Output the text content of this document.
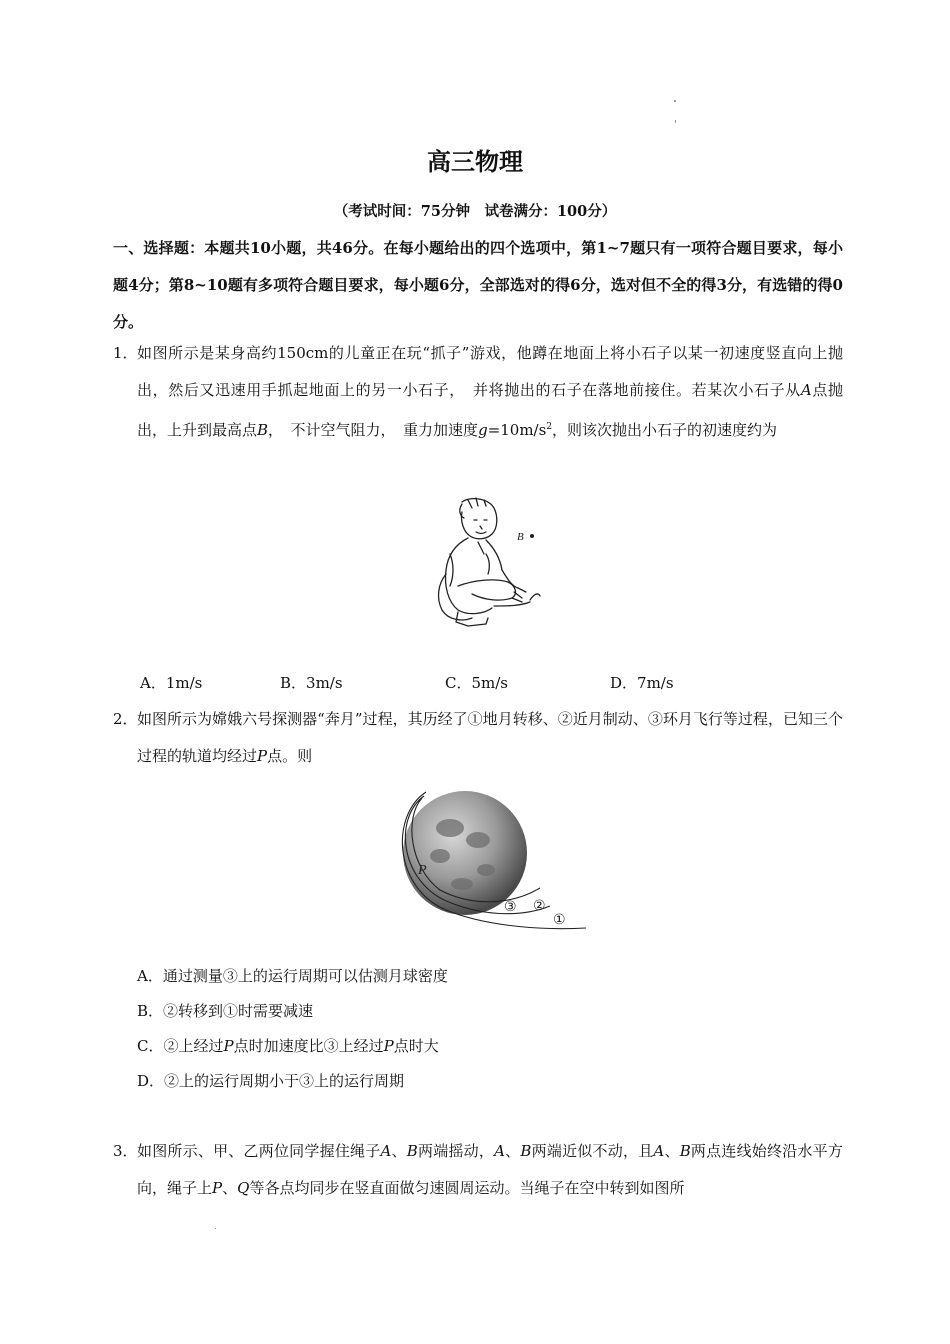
高三物理
（考试时间：75分钟　试卷满分：100分）

一、选择题：本题共10小题，共46分。在每小题给出的四个选项中，第1~7题只有一项符合题目要求，每小题4分；第8~10题有多项符合题目要求，每小题6分，全部选对的得6分，选对但不全的得3分，有选错的得0分。

1． 如图所示是某身高约150cm的儿童正在玩“抓子”游戏，他蹲在地面上将小石子以某一初速度竖直向上抛出，然后又迅速用手抓起地面上的另一小石子，　并将抛出的石子在落地前接住。若某次小石子从A点抛出，上升到最高点B，　不计空气阻力，　重力加速度$g=10m/s^2$，则该次抛出小石子的初速度约为
B
A．1m/s	B．3m/s	C．5m/s	D．7m/s
2． 如图所示为嫦娥六号探测器“奔月”过程，其历经了①地月转移、②近月制动、③环月飞行等过程，已知三个过程的轨道均经过P点。则
P
③ ②
①
A．通过测量③上的运行周期可以估测月球密度
B．②转移到①时需要减速
C．②上经过P点时加速度比③上经过P点时大
D．②上的运行周期小于③上的运行周期
3． 如图所示、甲、乙两位同学握住绳子A、B两端摇动，A、B两端近似不动，且A、B两点连线始终沿水平方向，绳子上P、Q等各点均同步在竖直面做匀速圆周运动。当绳子在空中转到如图所
